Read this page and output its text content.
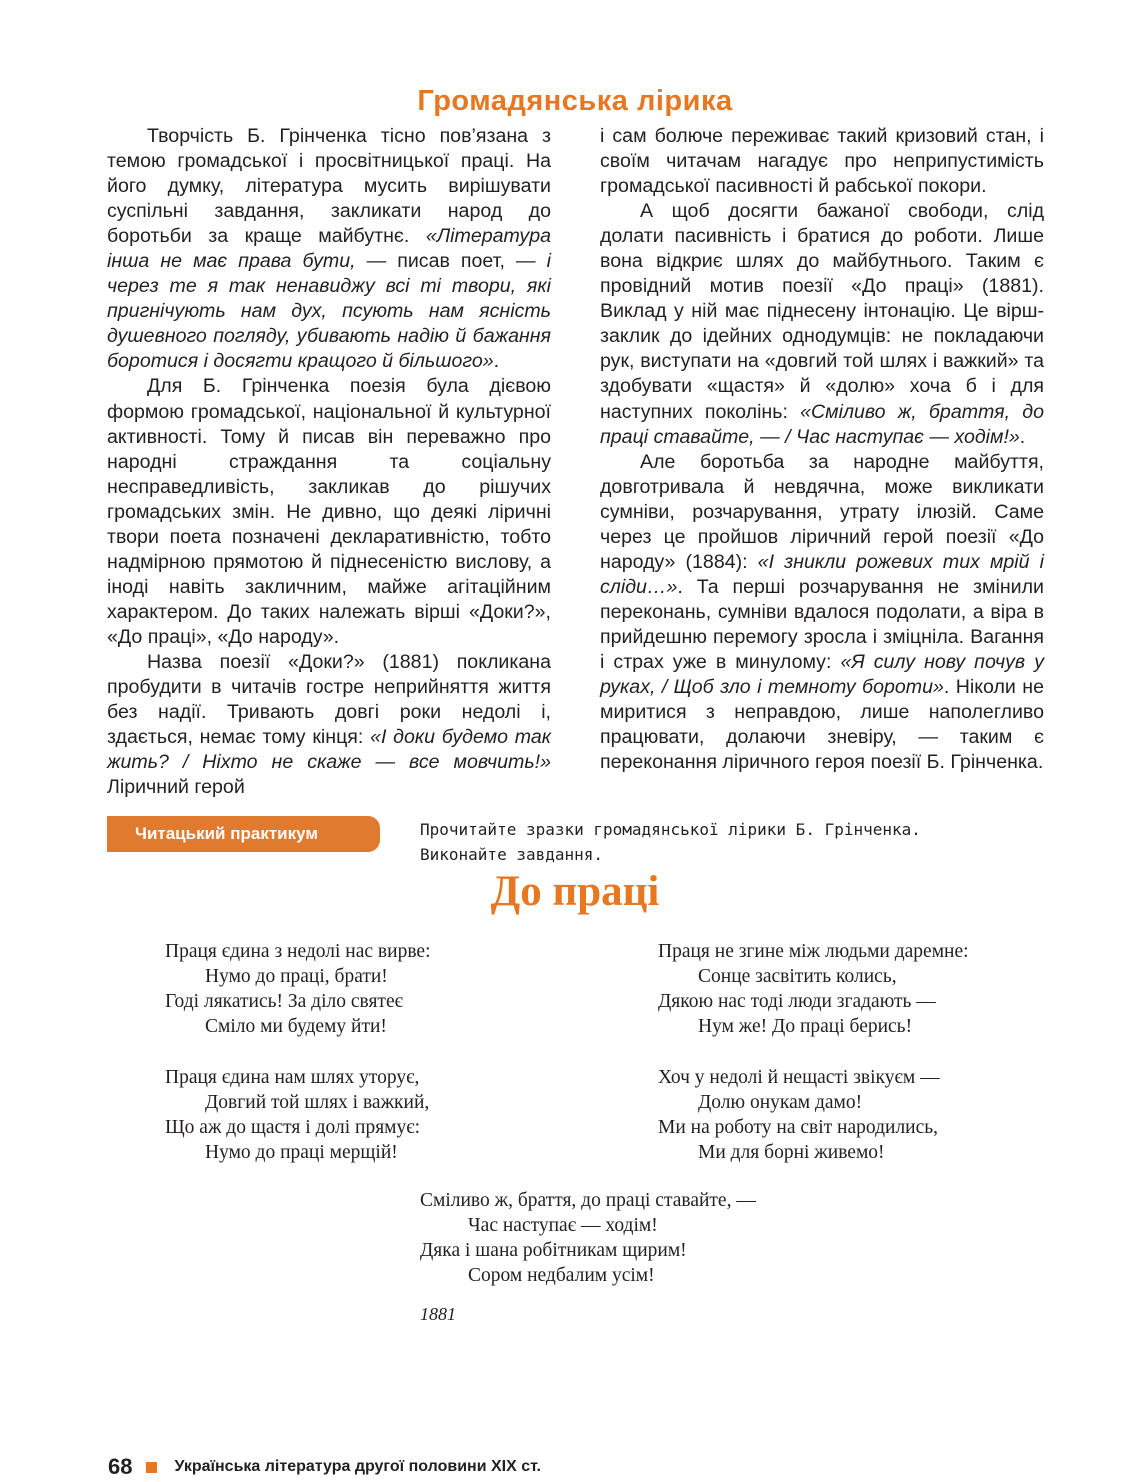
Громадянська лірика

Творчість Б. Грінченка тісно пов’язана з темою громадської і просвітницької праці. На його думку, література мусить вирішувати суспільні завдання, закликати народ до боротьби за краще майбутнє. «Література інша не має права бути, — писав поет, — і через те я так ненавиджу всі ті твори, які пригнічують нам дух, псують нам ясність душевного погляду, убивають надію й бажання боротися і досягти кращого й більшого».

Для Б. Грінченка поезія була дієвою формою громадської, національної й культурної активності. Тому й писав він переважно про народні страждання та соціальну несправедливість, закликав до рішучих громадських змін. Не дивно, що деякі ліричні твори поета позначені декларативністю, тобто надмірною прямотою й піднесеністю вислову, а іноді навіть закличним, майже агітаційним характером. До таких належать вірші «Доки?», «До праці», «До народу».

Назва поезії «Доки?» (1881) покликана пробудити в читачів гостре неприйняття життя без надії. Тривають довгі роки недолі і, здається, немає тому кінця: «І доки будемо так жить? / Ніхто не скаже — все мовчить!» Ліричний герой

і сам болюче переживає такий кризовий стан, і своїм читачам нагадує про неприпустимість громадської пасивності й рабської покори.

А щоб досягти бажаної свободи, слід долати пасивність і братися до роботи. Лише вона відкриє шлях до майбутнього. Таким є провідний мотив поезії «До праці» (1881). Виклад у ній має піднесену інтонацію. Це вірш-заклик до ідейних однодумців: не покладаючи рук, виступати на «довгий той шлях і важкий» та здобувати «щастя» й «долю» хоча б і для наступних поколінь: «Сміливо ж, браття, до праці ставайте, — / Час наступає — ходім!».

Але боротьба за народне майбуття, довготривала й невдячна, може викликати сумніви, розчарування, утрату ілюзій. Саме через це пройшов ліричний герой поезії «До народу» (1884): «І зникли рожевих тих мрій і сліди…». Та перші розчарування не змінили переконань, сумніви вдалося подолати, а віра в прийдешню перемогу зросла і зміцніла. Вагання і страх уже в минулому: «Я силу нову почув у руках, / Щоб зло і темноту бороти». Ніколи не миритися з неправдою, лише наполегливо працювати, долаючи зневіру, — таким є переконання ліричного героя поезії Б. Грінченка.

Читацький практикум	Прочитайте зразки громадянської лірики Б. Грінченка.
Виконайте завдання.
До праці
Праця єдина з недолі нас вирве:
Нумо до праці, брати!
Годі лякатись! За діло святеє
Сміло ми будему йти!
Праця єдина нам шлях уторує,
Довгий той шлях і важкий,
Що аж до щастя і долі прямує:
Нумо до праці мерщій!
Праця не згине між людьми даремне:
Сонце засвітить колись,
Дякою нас тоді люди згадають —
Нум же! До праці берись!
Хоч у недолі й нещасті звікуєм —
Долю онукам дамо!
Ми на роботу на світ народились,
Ми для борні живемо!
Сміливо ж, браття, до праці ставайте, —
Час наступає — ходім!
Дяка і шана робітникам щирим!
Сором недбалим усім!
1881
68	Українська література другої половини XIX ст.
